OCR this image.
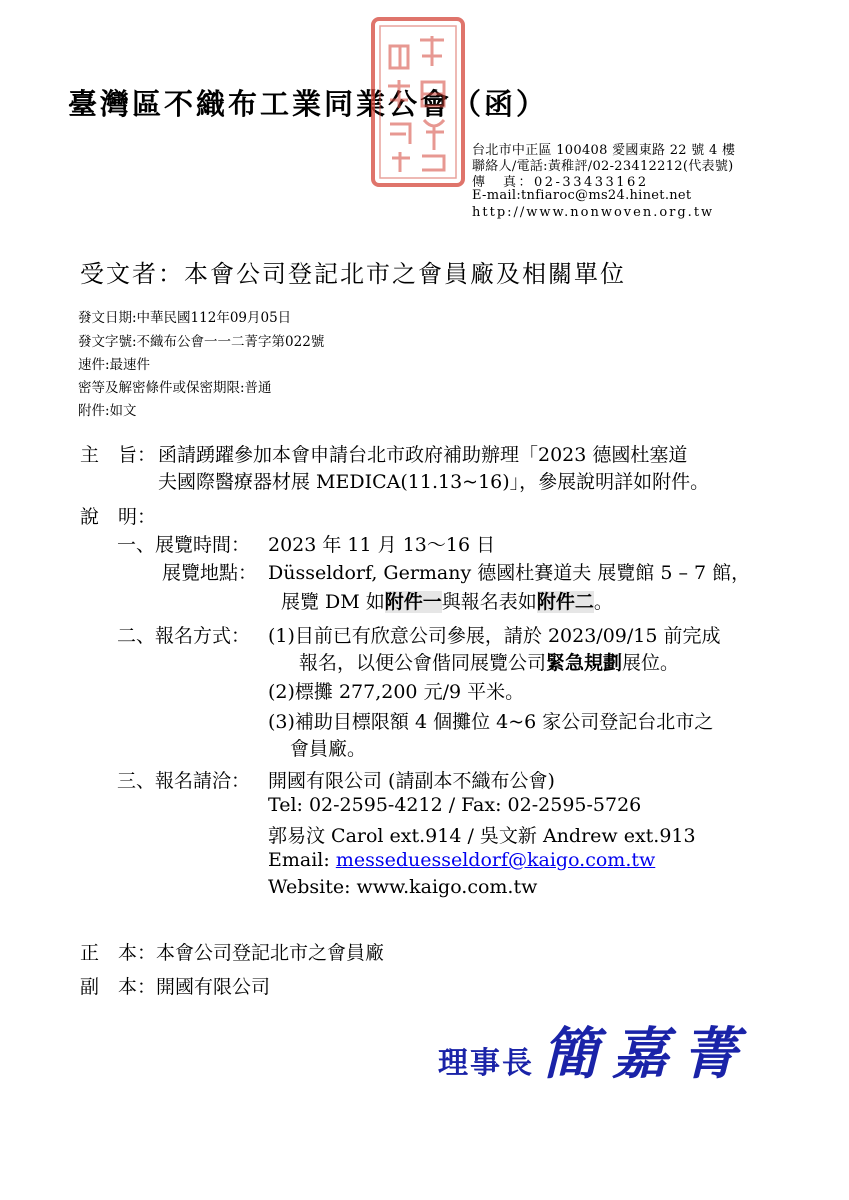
臺灣區不織布工業同業公會（函）
台北市中正區 100408 愛國東路 22 號 4 樓
聯絡人/電話:黃稚評/02-23412212(代表號)
傳　真：02-33433162
E-mail:tnfiaroc@ms24.hinet.net
http://www.nonwoven.org.tw
受文者：本會公司登記北市之會員廠及相關單位
發文日期:中華民國112年09月05日
發文字號:不織布公會一一二菁字第022號
速件:最速件
密等及解密條件或保密期限:普通
附件:如文
主　旨： 函請踴躍參加本會申請台北市政府補助辦理「2023 德國杜塞道
夫國際醫療器材展 MEDICA(11.13~16)」，參展說明詳如附件。
說　明：
一、展覽時間： 2023 年 11 月 13～16 日
展覽地點： Düsseldorf, Germany 德國杜賽道夫 展覽館 5 – 7 館，
展覽 DM 如附件一與報名表如附件二。
二、報名方式： (1)目前已有欣意公司參展，請於 2023/09/15 前完成
報名，以便公會偕同展覽公司緊急規劃展位。
(2)標攤 277,200 元/9 平米。
(3)補助目標限額 4 個攤位 4~6 家公司登記台北市之
會員廠。
三、報名請洽： 開國有限公司 (請副本不織布公會)
Tel: 02-2595-4212 / Fax: 02-2595-5726
郭易汶 Carol ext.914 / 吳文新 Andrew ext.913
Email: messeduesseldorf@kaigo.com.tw
Website: www.kaigo.com.tw
正　本：本會公司登記北市之會員廠
副　本：開國有限公司
理事長 簡嘉菁
